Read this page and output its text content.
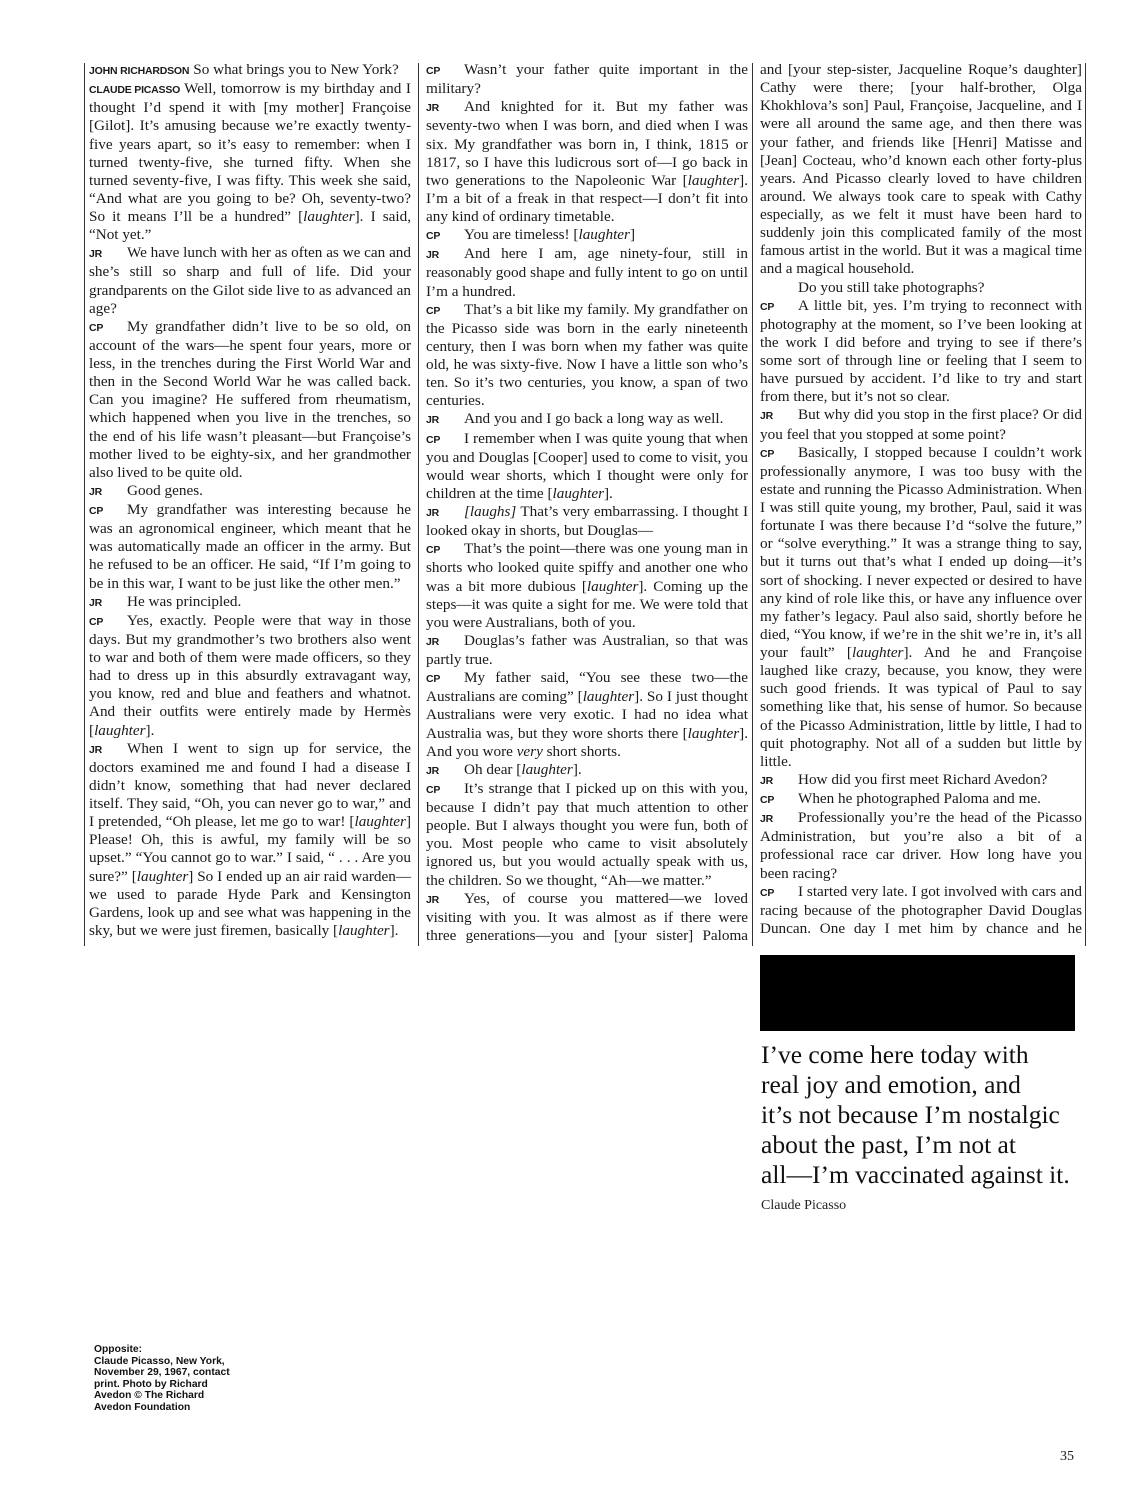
JOHN RICHARDSON So what brings you to New York?
CLAUDE PICASSO Well, tomorrow is my birthday and I thought I’d spend it with [my mother] Françoise [Gilot]. It’s amusing because we’re exactly twenty-five years apart, so it’s easy to remember: when I turned twenty-five, she turned fifty. When she turned seventy-five, I was fifty. This week she said, “And what are you going to be? Oh, seventy-two? So it means I’ll be a hundred” [laughter]. I said, “Not yet.”
JR We have lunch with her as often as we can and she’s still so sharp and full of life. Did your grandparents on the Gilot side live to as advanced an age?
CP My grandfather didn’t live to be so old, on account of the wars—he spent four years, more or less, in the trenches during the First World War and then in the Second World War he was called back. Can you imagine? He suffered from rheumatism, which happened when you live in the trenches, so the end of his life wasn’t pleasant—but Françoise’s mother lived to be eighty-six, and her grandmother also lived to be quite old.
JR Good genes.
CP My grandfather was interesting because he was an agronomical engineer, which meant that he was automatically made an officer in the army. But he refused to be an officer. He said, “If I’m going to be in this war, I want to be just like the other men.”
JR He was principled.
CP Yes, exactly. People were that way in those days. But my grandmother’s two brothers also went to war and both of them were made officers, so they had to dress up in this absurdly extravagant way, you know, red and blue and feathers and whatnot. And their outfits were entirely made by Hermès [laughter].
JR When I went to sign up for service, the doctors examined me and found I had a disease I didn’t know, something that had never declared itself. They said, “Oh, you can never go to war,” and I pretended, “Oh please, let me go to war! [laughter] Please! Oh, this is awful, my family will be so upset.” “You cannot go to war.” I said, “ . . . Are you sure?” [laughter] So I ended up an air raid warden—we used to parade Hyde Park and Kensington Gardens, look up and see what was happening in the sky, but we were just firemen, basically [laughter].
CP Wasn’t your father quite important in the military?
JR And knighted for it. But my father was seventy-two when I was born, and died when I was six. My grandfather was born in, I think, 1815 or 1817, so I have this ludicrous sort of—I go back in two generations to the Napoleonic War [laughter]. I’m a bit of a freak in that respect—I don’t fit into any kind of ordinary timetable.
CP You are timeless! [laughter]
JR And here I am, age ninety-four, still in reasonably good shape and fully intent to go on until I’m a hundred.
CP That’s a bit like my family. My grandfather on the Picasso side was born in the early nineteenth century, then I was born when my father was quite old, he was sixty-five. Now I have a little son who’s ten. So it’s two centuries, you know, a span of two centuries.
JR And you and I go back a long way as well.
CP I remember when I was quite young that when you and Douglas [Cooper] used to come to visit, you would wear shorts, which I thought were only for children at the time [laughter].
JR [laughs] That’s very embarrassing. I thought I looked okay in shorts, but Douglas—
CP That’s the point—there was one young man in shorts who looked quite spiffy and another one who was a bit more dubious [laughter]. Coming up the steps—it was quite a sight for me. We were told that you were Australians, both of you.
JR Douglas’s father was Australian, so that was partly true.
CP My father said, “You see these two—the Australians are coming” [laughter]. So I just thought Australians were very exotic. I had no idea what Australia was, but they wore shorts there [laughter]. And you wore very short shorts.
JR Oh dear [laughter].
CP It’s strange that I picked up on this with you, because I didn’t pay that much attention to other people. But I always thought you were fun, both of you. Most people who came to visit absolutely ignored us, but you would actually speak with us, the children. So we thought, “Ah—we matter.”
JR Yes, of course you mattered—we loved visiting with you. It was almost as if there were three generations—you and [your sister] Paloma
and [your step-sister, Jacqueline Roque’s daughter] Cathy were there; [your half-brother, Olga Khokhlova’s son] Paul, Françoise, Jacqueline, and I were all around the same age, and then there was your father, and friends like [Henri] Matisse and [Jean] Cocteau, who’d known each other forty-plus years. And Picasso clearly loved to have children around. We always took care to speak with Cathy especially, as we felt it must have been hard to suddenly join this complicated family of the most famous artist in the world. But it was a magical time and a magical household.
Do you still take photographs?
CP A little bit, yes. I’m trying to reconnect with photography at the moment, so I’ve been looking at the work I did before and trying to see if there’s some sort of through line or feeling that I seem to have pursued by accident. I’d like to try and start from there, but it’s not so clear.
JR But why did you stop in the first place? Or did you feel that you stopped at some point?
CP Basically, I stopped because I couldn’t work professionally anymore, I was too busy with the estate and running the Picasso Administration. When I was still quite young, my brother, Paul, said it was fortunate I was there because I’d “solve the future,” or “solve everything.” It was a strange thing to say, but it turns out that’s what I ended up doing—it’s sort of shocking. I never expected or desired to have any kind of role like this, or have any influence over my father’s legacy. Paul also said, shortly before he died, “You know, if we’re in the shit we’re in, it’s all your fault” [laughter]. And he and Françoise laughed like crazy, because, you know, they were such good friends. It was typical of Paul to say something like that, his sense of humor. So because of the Picasso Administration, little by little, I had to quit photography. Not all of a sudden but little by little.
JR How did you first meet Richard Avedon?
CP When he photographed Paloma and me.
JR Professionally you’re the head of the Picasso Administration, but you’re also a bit of a professional race car driver. How long have you been racing?
CP I started very late. I got involved with cars and racing because of the photographer David Douglas Duncan. One day I met him by chance and he
I’ve come here today with
real joy and emotion, and
it’s not because I’m nostalgic
about the past, I’m not at
all—I’m vaccinated against it.
Claude Picasso
Opposite:
Claude Picasso, New York,
November 29, 1967, contact
print. Photo by Richard
Avedon © The Richard
Avedon Foundation
35
